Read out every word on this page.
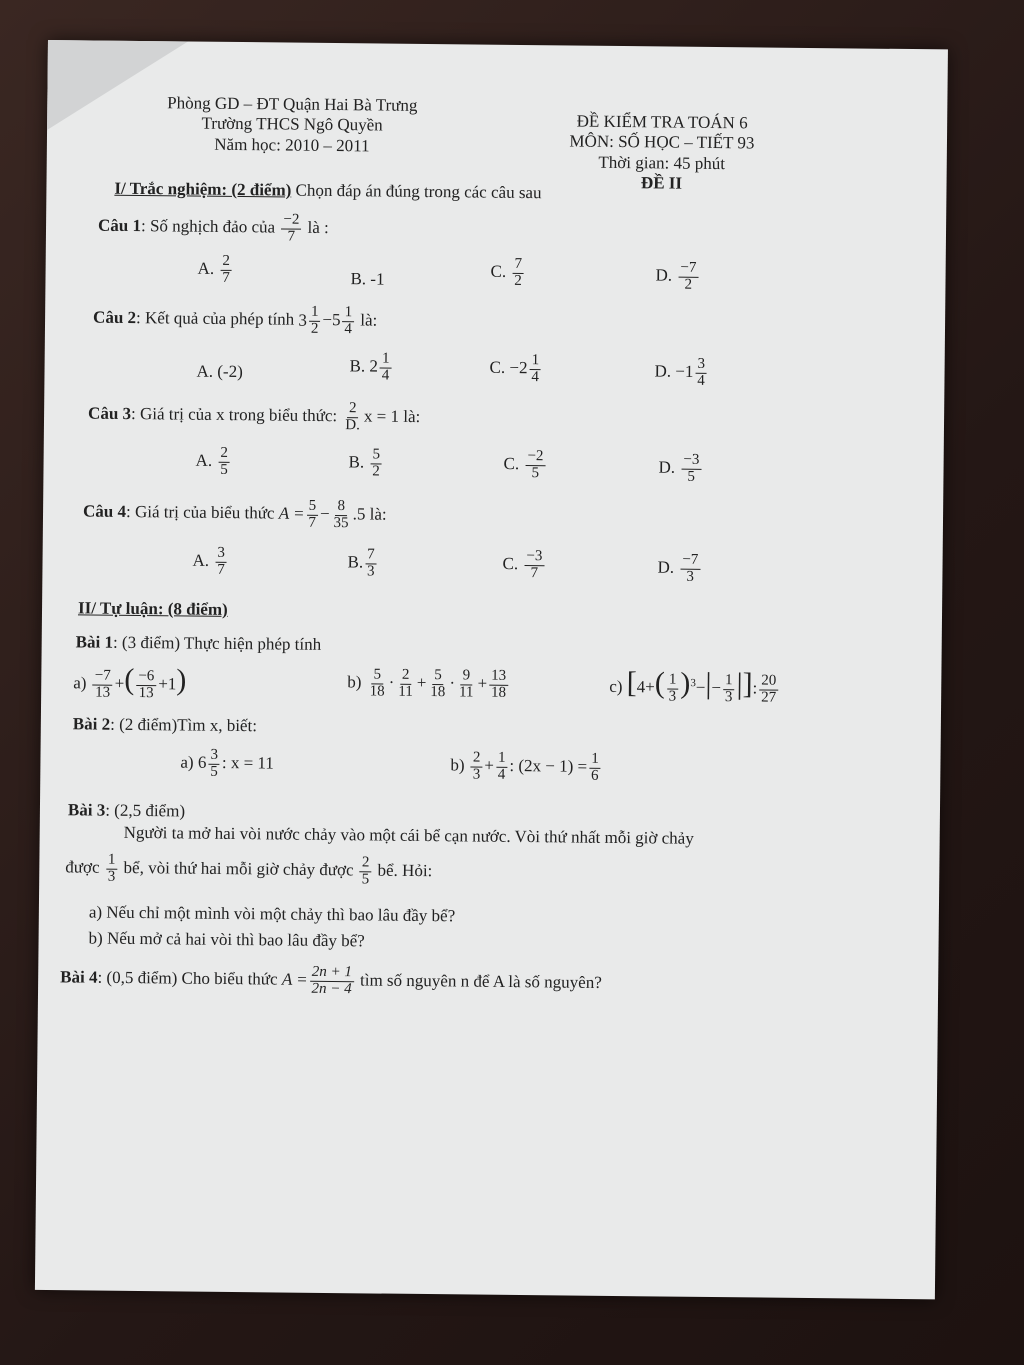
Phòng GD – ĐT Quận Hai Bà Trưng
Trường THCS Ngô Quyền
Năm học: 2010 – 2011
ĐỀ KIỂM TRA TOÁN 6
MÔN: SỐ HỌC – TIẾT 93
Thời gian: 45 phút
ĐỀ II
I/ Trắc nghiệm: (2 điểm) Chọn đáp án đúng trong các câu sau
Câu 1: Số nghịch đảo của $\frac{-2}{7}$ là :
A. $\frac{2}{7}$	B. -1	C. $\frac{7}{2}$	D. $\frac{-7}{2}$
Câu 2: Kết quả của phép tính $3 \frac{1}{2} -5 \frac{1}{4}$ là:
A. (-2)	B. $2 \frac{1}{4}$	C. $-2 \frac{1}{4}$	D. $-1 \frac{3}{4}$
Câu 3: Giá trị của x trong biểu thức: $\frac{2}{D.}$ x = 1 là:
A. $\frac{2}{5}$	B. $\frac{5}{2}$	C. $\frac{-2}{5}$	D. $\frac{-3}{5}$
Câu 4: Giá trị của biểu thức $A = \frac{5}{7} - \frac{8}{35} .5$ là:
A. $\frac{3}{7}$	B. $\frac{7}{3}$	C. $\frac{-3}{7}$	D. $\frac{-7}{3}$
II/ Tự luận: (8 điểm)
Bài 1: (3 điểm) Thực hiện phép tính
$a) \frac{-7}{13}$ +( $\frac{-6}{13} +1$)	$b) \frac{5}{18} \cdot \frac{2}{11} + \frac{5}{18} \cdot \frac{9}{11} + \frac{13}{18}$	c) [$4+( \frac{1}{3} )^3-|- \frac{1}{3}$ |]: $\frac{20}{27}$
Bài 2: (2 điểm)Tìm x, biết:
a) $6 \frac{3}{5}$ : x = 11	$b) \frac{2}{3} + \frac{1}{4}$ : $(2x - 1) = \frac{1}{6}$
Bài 3: (2,5 điểm)
Người ta mở hai vòi nước chảy vào một cái bể cạn nước. Vòi thứ nhất mỗi giờ chảy
được $\frac{1}{3}$ bể, vòi thứ hai mỗi giờ chảy được $\frac{2}{5}$ bể. Hỏi:
a) Nếu chỉ một mình vòi một chảy thì bao lâu đầy bể?
b) Nếu mở cả hai vòi thì bao lâu đầy bể?
Bài 4: (0,5 điểm) Cho biểu thức $A = \frac{2n + 1}{2n - 4}$ tìm số nguyên n để A là số nguyên?
